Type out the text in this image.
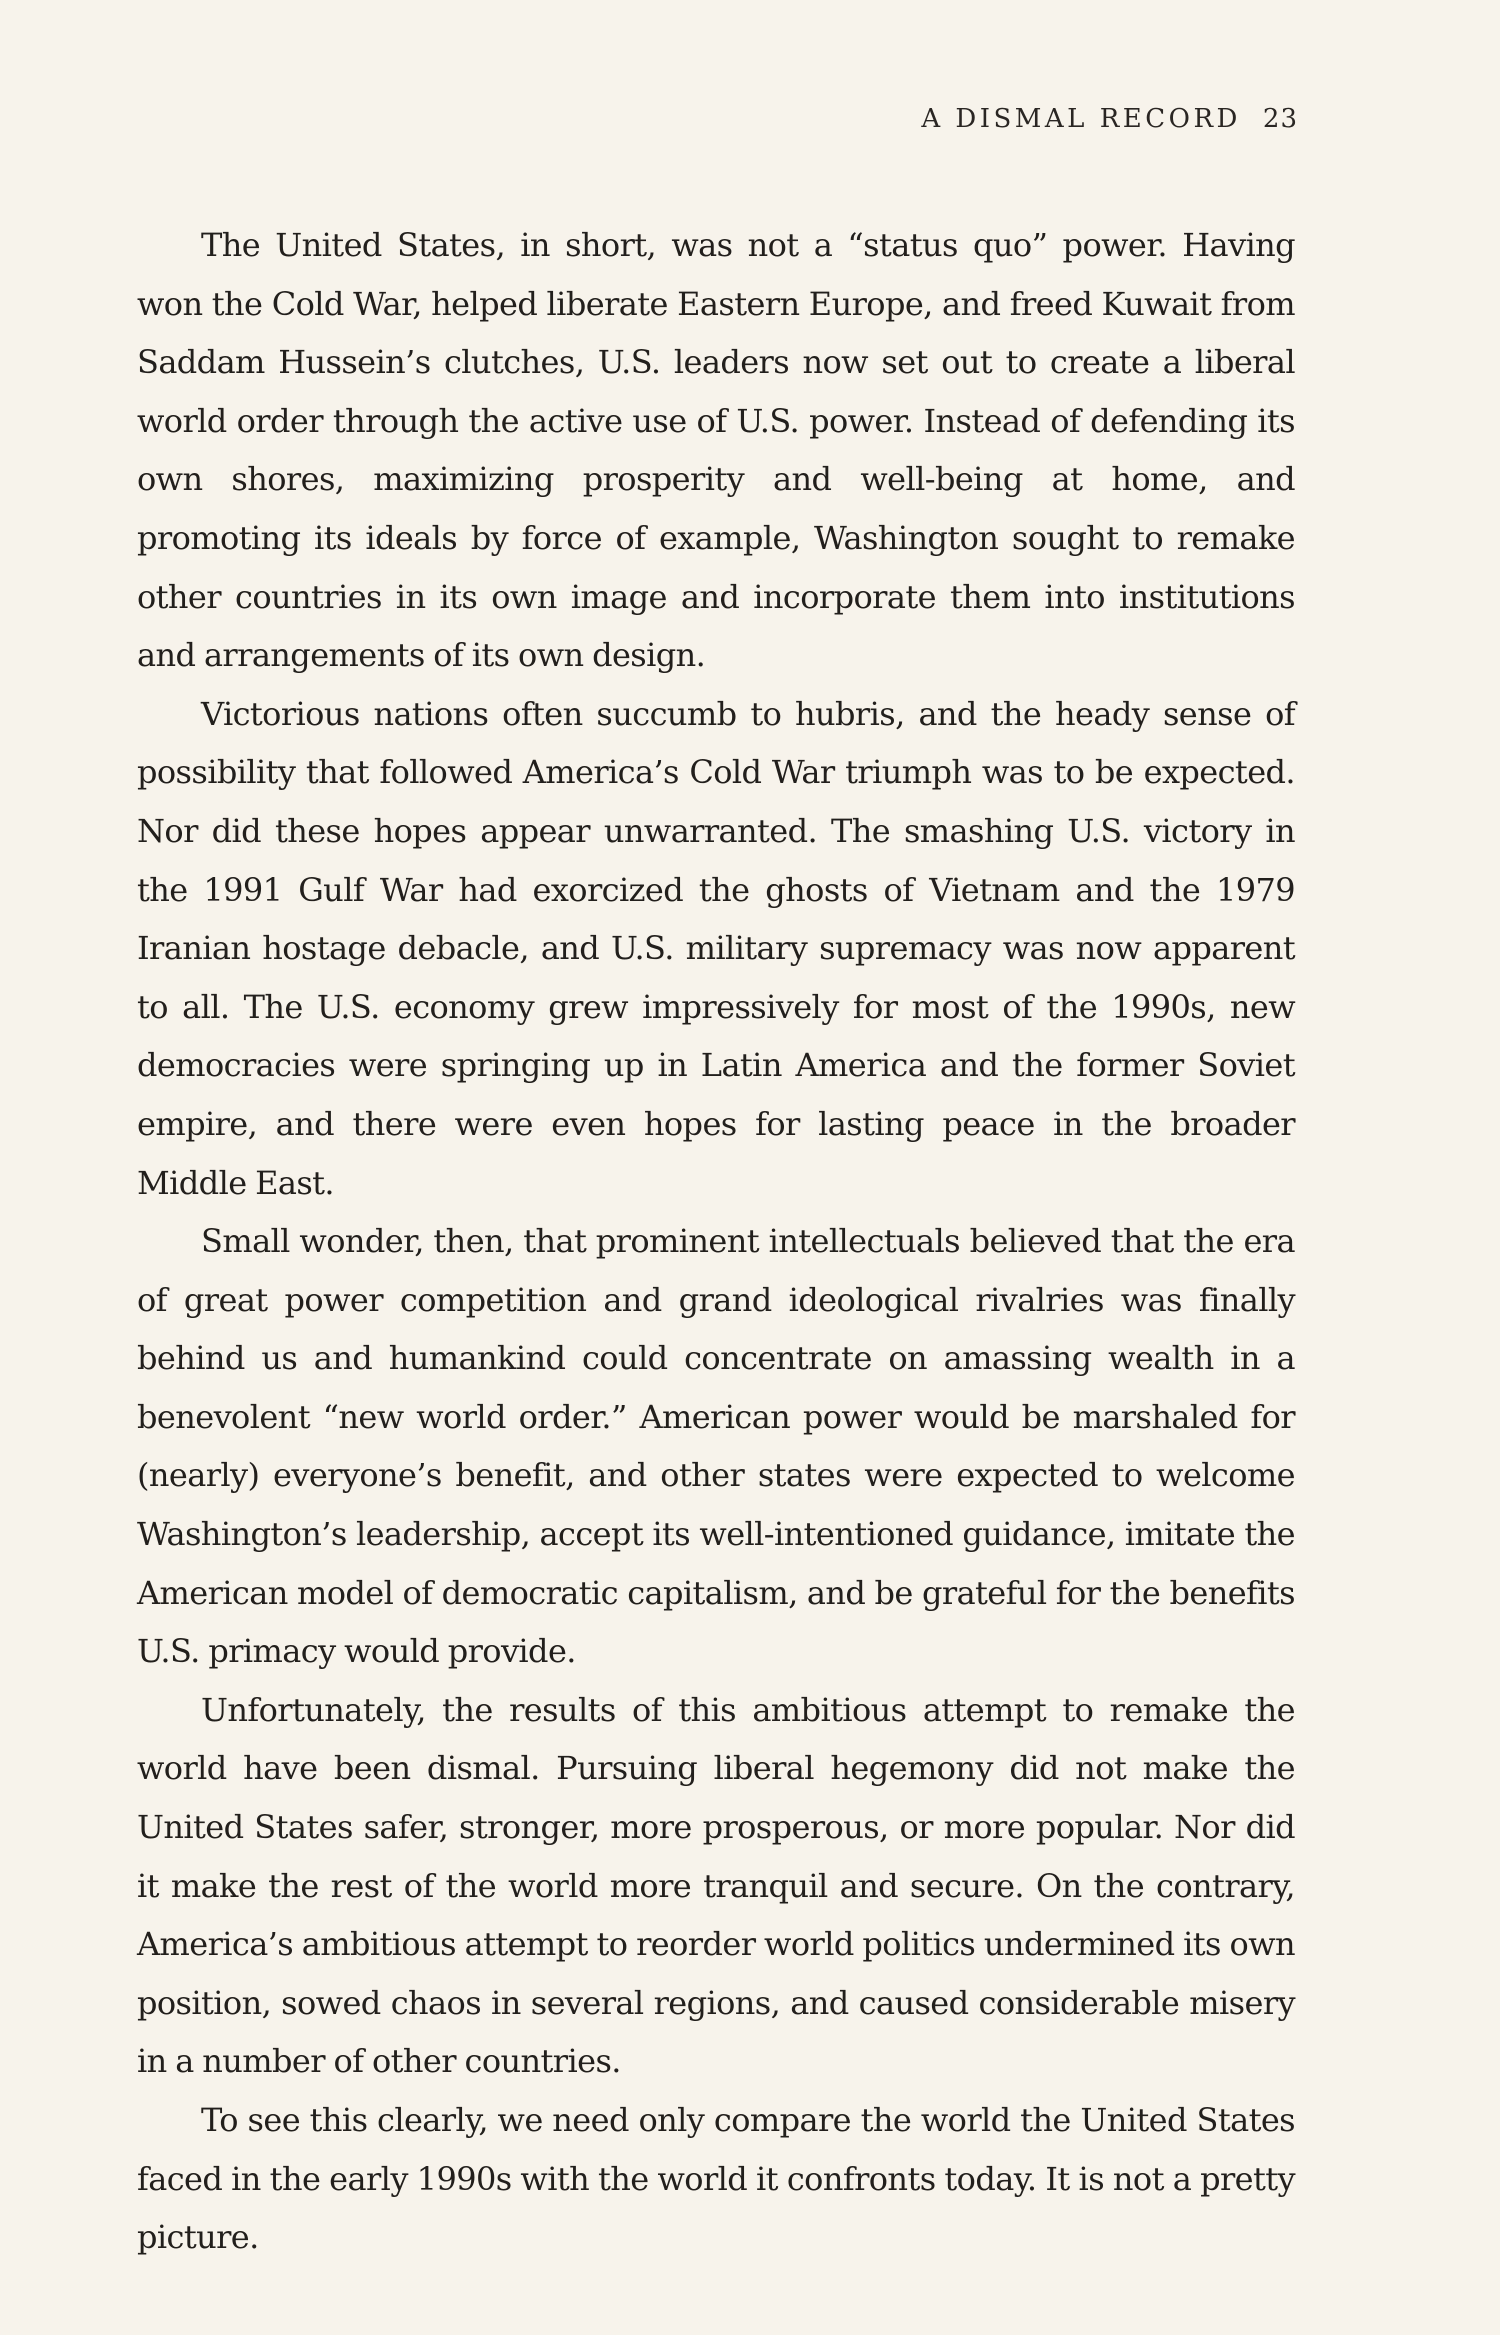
A DISMAL RECORD 23

The United States, in short, was not a “status quo” power. Having won the Cold War, helped liberate Eastern Europe, and freed Kuwait from Saddam Hussein’s clutches, U.S. leaders now set out to create a liberal world order through the active use of U.S. power. Instead of defending its own shores, maximizing prosperity and well-being at home, and promoting its ideals by force of example, Washington sought to remake other countries in its own image and incorporate them into institutions and arrangements of its own design.

Victorious nations often succumb to hubris, and the heady sense of possibility that followed America’s Cold War triumph was to be expected. Nor did these hopes appear unwarranted. The smashing U.S. victory in the 1991 Gulf War had exorcized the ghosts of Vietnam and the 1979 Iranian hostage debacle, and U.S. military supremacy was now apparent to all. The U.S. economy grew impressively for most of the 1990s, new democracies were springing up in Latin America and the former Soviet empire, and there were even hopes for lasting peace in the broader Middle East.

Small wonder, then, that prominent intellectuals believed that the era of great power competition and grand ideological rivalries was finally behind us and humankind could concentrate on amassing wealth in a benevolent “new world order.” American power would be marshaled for (nearly) everyone’s benefit, and other states were expected to welcome Washington’s leadership, accept its well-intentioned guidance, imitate the American model of democratic capitalism, and be grateful for the benefits U.S. primacy would provide.

Unfortunately, the results of this ambitious attempt to remake the world have been dismal. Pursuing liberal hegemony did not make the United States safer, stronger, more prosperous, or more popular. Nor did it make the rest of the world more tranquil and secure. On the contrary, America’s ambitious attempt to reorder world politics undermined its own position, sowed chaos in several regions, and caused considerable misery in a number of other countries.

To see this clearly, we need only compare the world the United States faced in the early 1990s with the world it confronts today. It is not a pretty picture.
